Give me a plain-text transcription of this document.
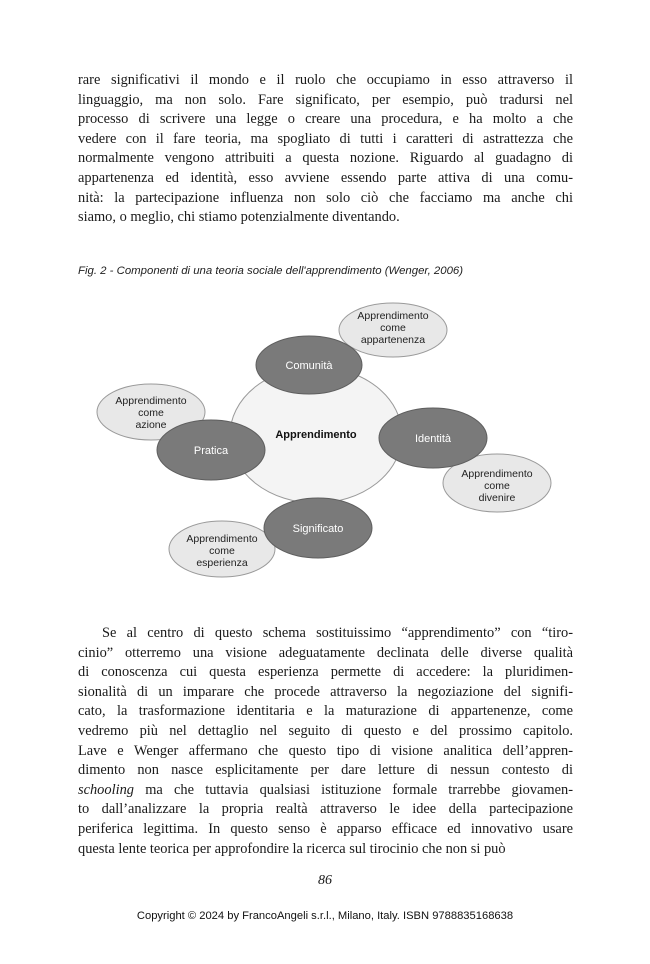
rare significativi il mondo e il ruolo che occupiamo in esso attraverso il
linguaggio, ma non solo. Fare significato, per esempio, può tradursi nel
processo di scrivere una legge o creare una procedura, e ha molto a che
vedere con il fare teoria, ma spogliato di tutti i caratteri di astrattezza che
normalmente vengono attribuiti a questa nozione. Riguardo al guadagno di
appartenenza ed identità, esso avviene essendo parte attiva di una comu-
nità: la partecipazione influenza non solo ciò che facciamo ma anche chi
siamo, o meglio, chi stiamo potenzialmente diventando.
Fig. 2 - Componenti di una teoria sociale dell'apprendimento (Wenger, 2006)
Apprendimento
Apprendimento
come
appartenenza
Apprendimento
come
azione
Apprendimento
come
divenire
Apprendimento
come
esperienza
Comunità
Pratica
Identità
Significato
Se al centro di questo schema sostituissimo “apprendimento” con “tiro-
cinio” otterremo una visione adeguatamente declinata delle diverse qualità
di conoscenza cui questa esperienza permette di accedere: la pluridimen-
sionalità di un imparare che procede attraverso la negoziazione del signifi-
cato, la trasformazione identitaria e la maturazione di appartenenze, come
vedremo più nel dettaglio nel seguito di questo e del prossimo capitolo.
Lave e Wenger affermano che questo tipo di visione analitica dell’appren-
dimento non nasce esplicitamente per dare letture di nessun contesto di
schooling ma che tuttavia qualsiasi istituzione formale trarrebbe giovamen-
to dall’analizzare la propria realtà attraverso le idee della partecipazione
periferica legittima. In questo senso è apparso efficace ed innovativo usare
questa lente teorica per approfondire la ricerca sul tirocinio che non si può
86
Copyright © 2024 by FrancoAngeli s.r.l., Milano, Italy. ISBN 9788835168638
